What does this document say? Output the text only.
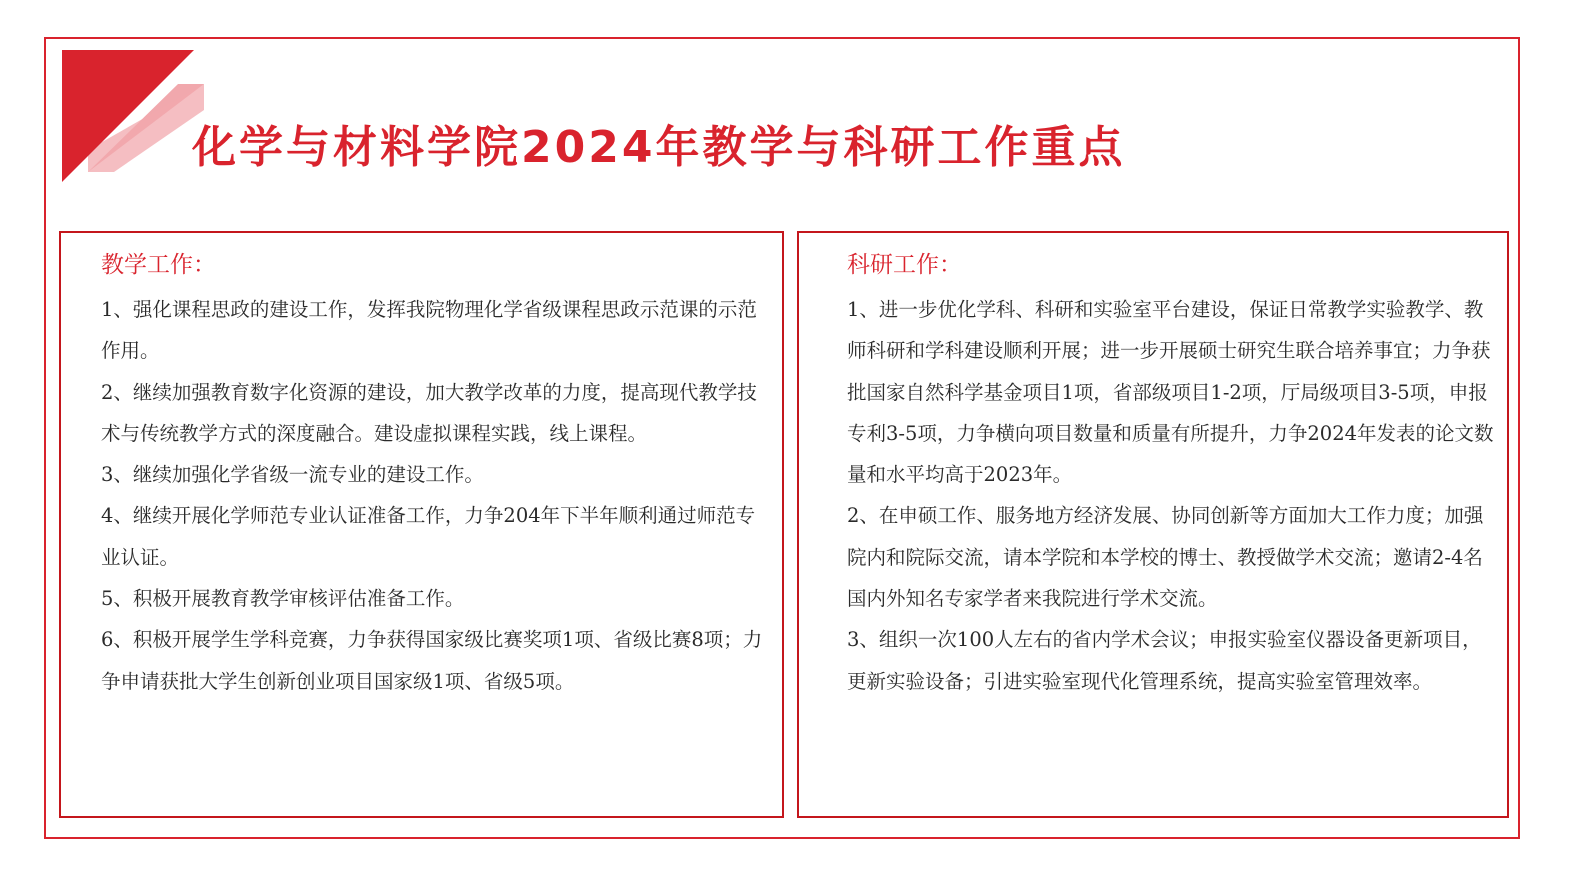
化学与材料学院2024年教学与科研工作重点
教学工作：
1、强化课程思政的建设工作，发挥我院物理化学省级课程思政示范课的示范作用。
2、继续加强教育数字化资源的建设，加大教学改革的力度，提高现代教学技术与传统教学方式的深度融合。建设虚拟课程实践，线上课程。
3、继续加强化学省级一流专业的建设工作。
4、继续开展化学师范专业认证准备工作，力争204年下半年顺利通过师范专业认证。
5、积极开展教育教学审核评估准备工作。
6、积极开展学生学科竞赛，力争获得国家级比赛奖项1项、省级比赛8项；力争申请获批大学生创新创业项目国家级1项、省级5项。
科研工作：
1、进一步优化学科、科研和实验室平台建设，保证日常教学实验教学、教师科研和学科建设顺利开展；进一步开展硕士研究生联合培养事宜；力争获批国家自然科学基金项目1项，省部级项目1-2项，厅局级项目3-5项，申报专利3-5项，力争横向项目数量和质量有所提升，力争2024年发表的论文数量和水平均高于2023年。
2、在申硕工作、服务地方经济发展、协同创新等方面加大工作力度；加强院内和院际交流，请本学院和本学校的博士、教授做学术交流；邀请2-4名国内外知名专家学者来我院进行学术交流。
3、组织一次100人左右的省内学术会议；申报实验室仪器设备更新项目，更新实验设备；引进实验室现代化管理系统，提高实验室管理效率。
